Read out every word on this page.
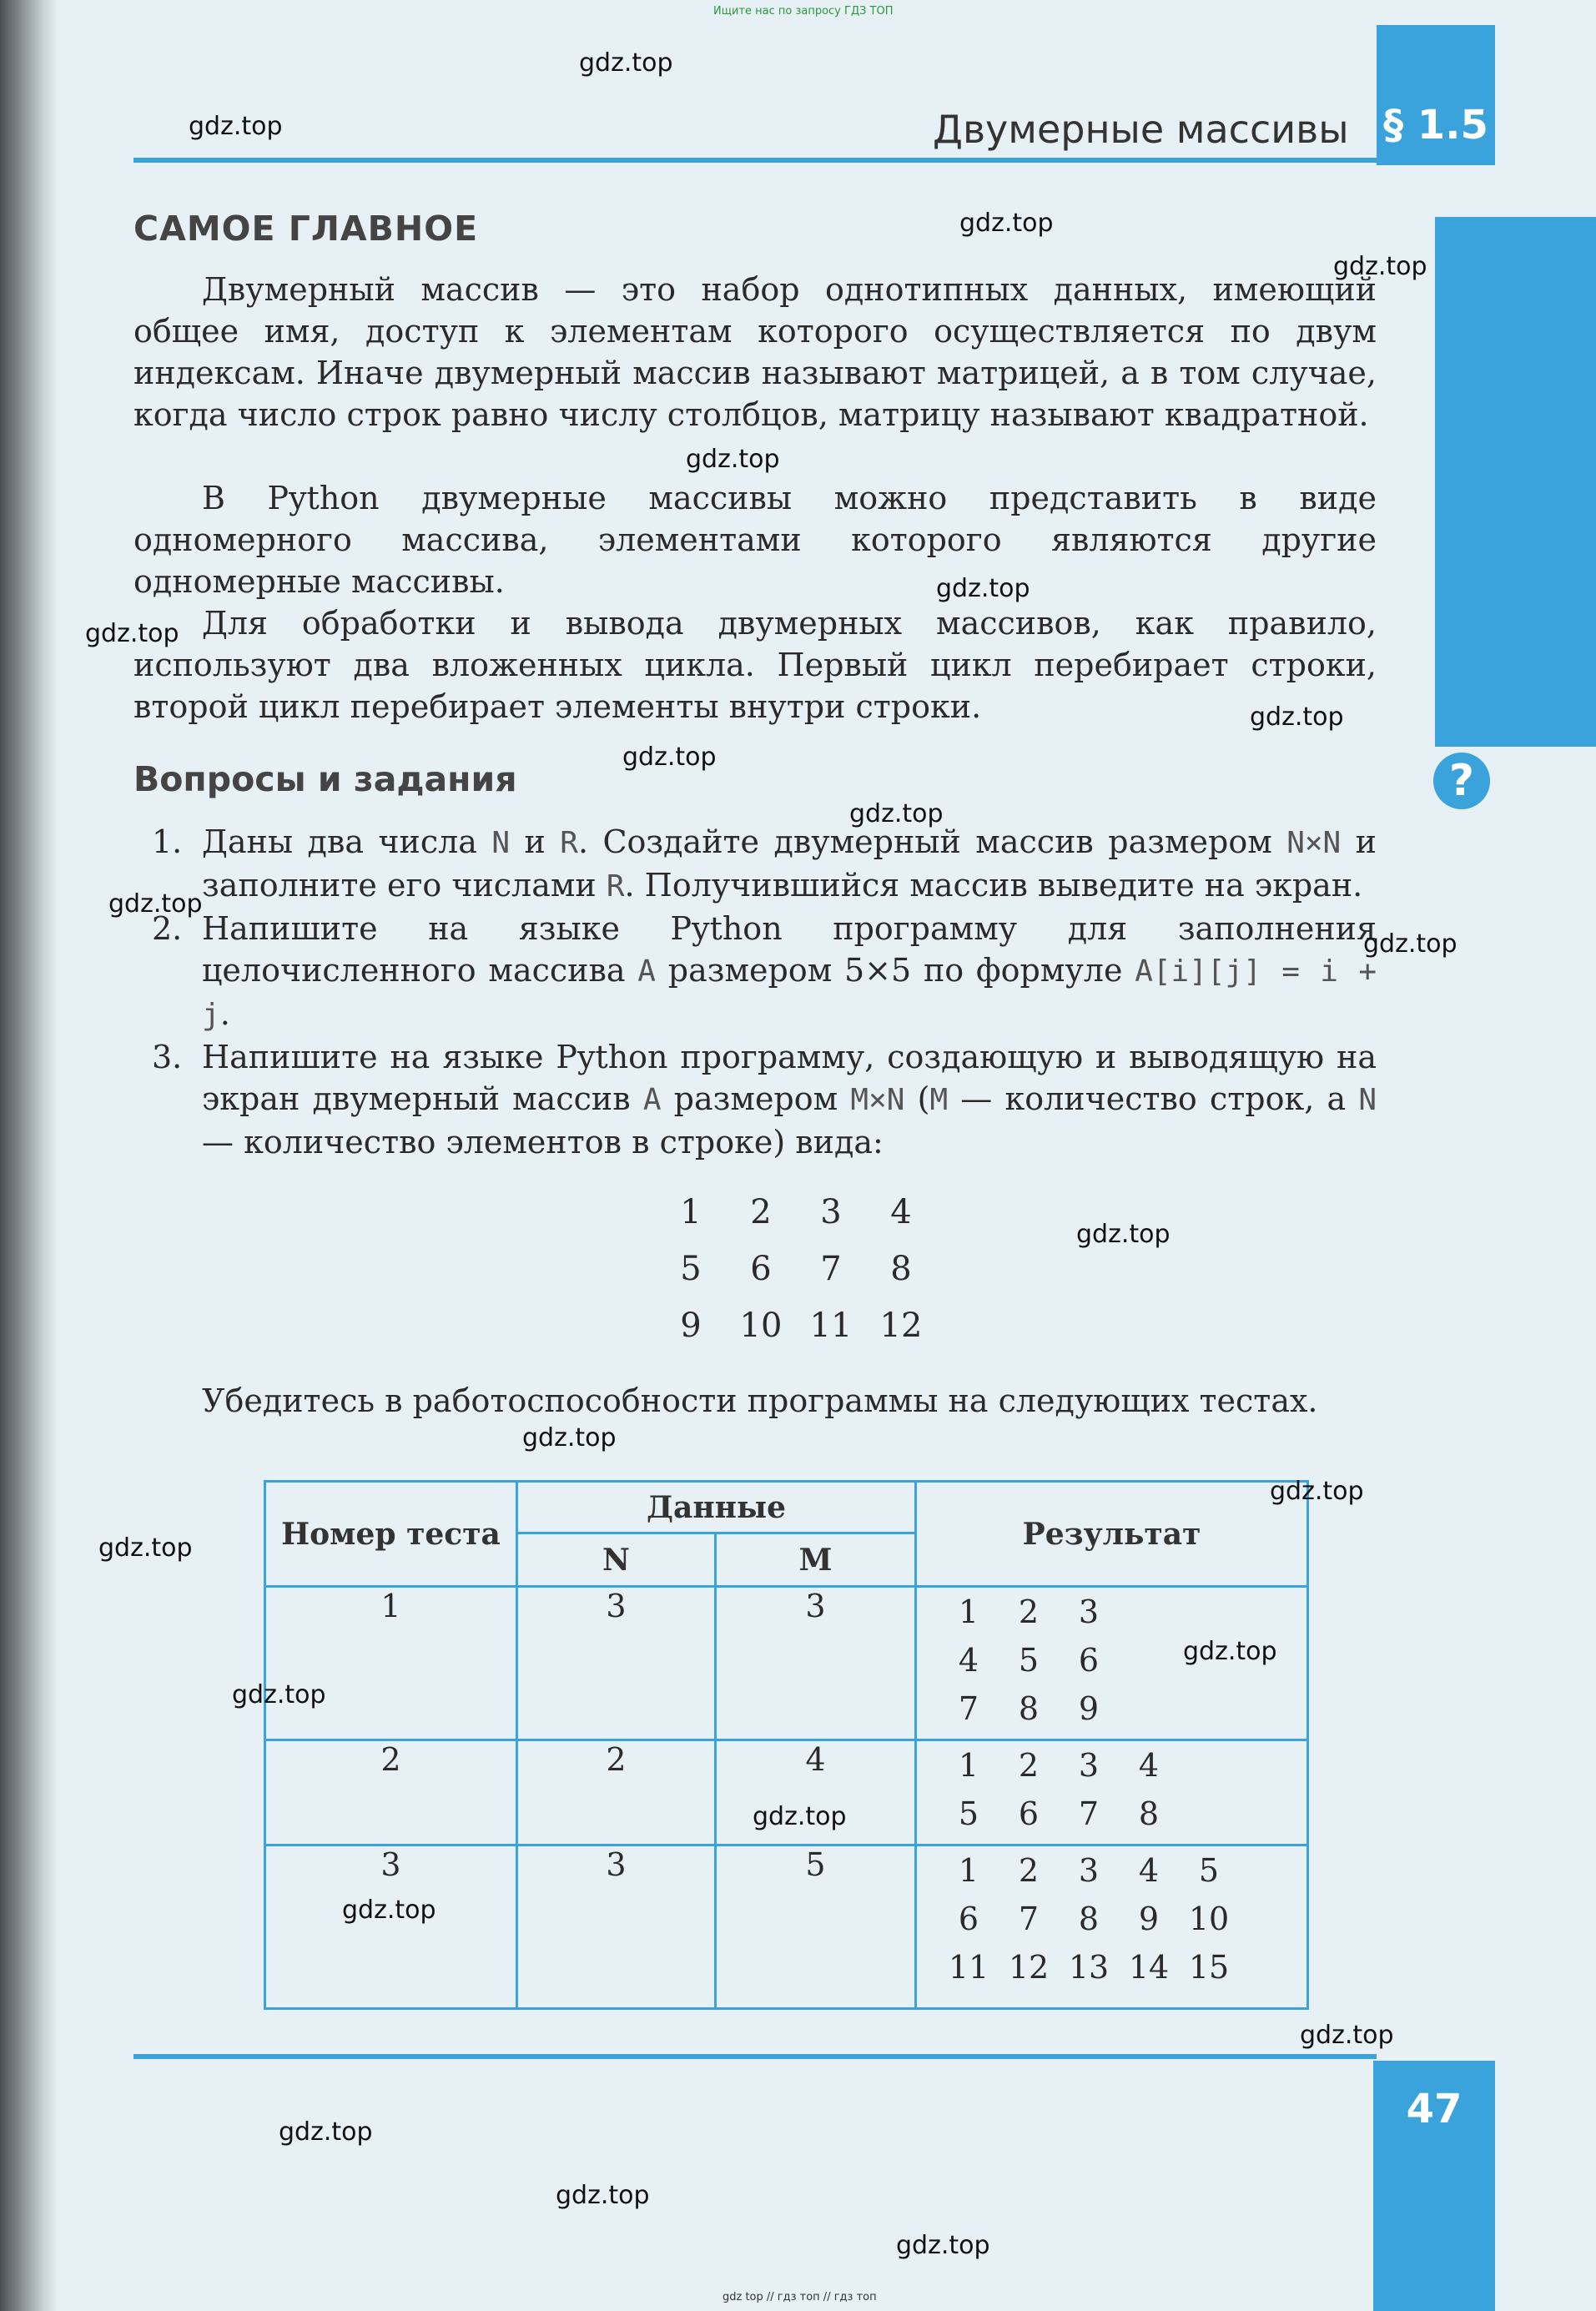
Ищите нас по запросу ГДЗ ТОП
Двумерные массивы § 1.5
САМОЕ ГЛАВНОЕ

Двумерный массив — это набор однотипных данных, имеющий общее имя, доступ к элементам которого осуществляется по двум индексам. Иначе двумерный массив называют матрицей, а в том случае, когда число строк равно числу столбцов, матрицу называют квадратной.

В Python двумерные массивы можно представить в виде одномерного массива, элементами которого являются другие одномерные массивы.

Для обработки и вывода двумерных массивов, как правило, используют два вложенных цикла. Первый цикл перебирает строки, второй цикл перебирает элементы внутри строки.

?
Вопросы и задания
1. Даны два числа N и R. Создайте двумерный массив размером N×N и заполните его числами R. Получившийся массив выведите на экран.
2. Напишите на языке Python программу для заполнения целочисленного массива A размером 5×5 по формуле A[i][j] = i + j.
3. Напишите на языке Python программу, создающую и выводящую на экран двумерный массив A размером M×N (M — количество строк, а N — количество элементов в строке) вида:
1 2 3 4
5 6 7 8
9 10 11 12

Убедитесь в работоспособности программы на следующих тестах.

Номер теста	Данные		Результат
	N	M	
1	3	3	1 2 3
4 5 6
7 8 9

2	2	4	1 2 3 4
5 6 7 8

3	3	5	1 2 3 4 5
6 7 8 9 10
11 12 13 14 15
47
gdz top // гдз топ // гдз топ
gdz.top
gdz.top
gdz.top
gdz.top
gdz.top
gdz.top
gdz.top
gdz.top
gdz.top
gdz.top
gdz.top
gdz.top
gdz.top
gdz.top
gdz.top
gdz.top
gdz.top
gdz.top
gdz.top
gdz.top
gdz.top
gdz.top
gdz.top
gdz.top
